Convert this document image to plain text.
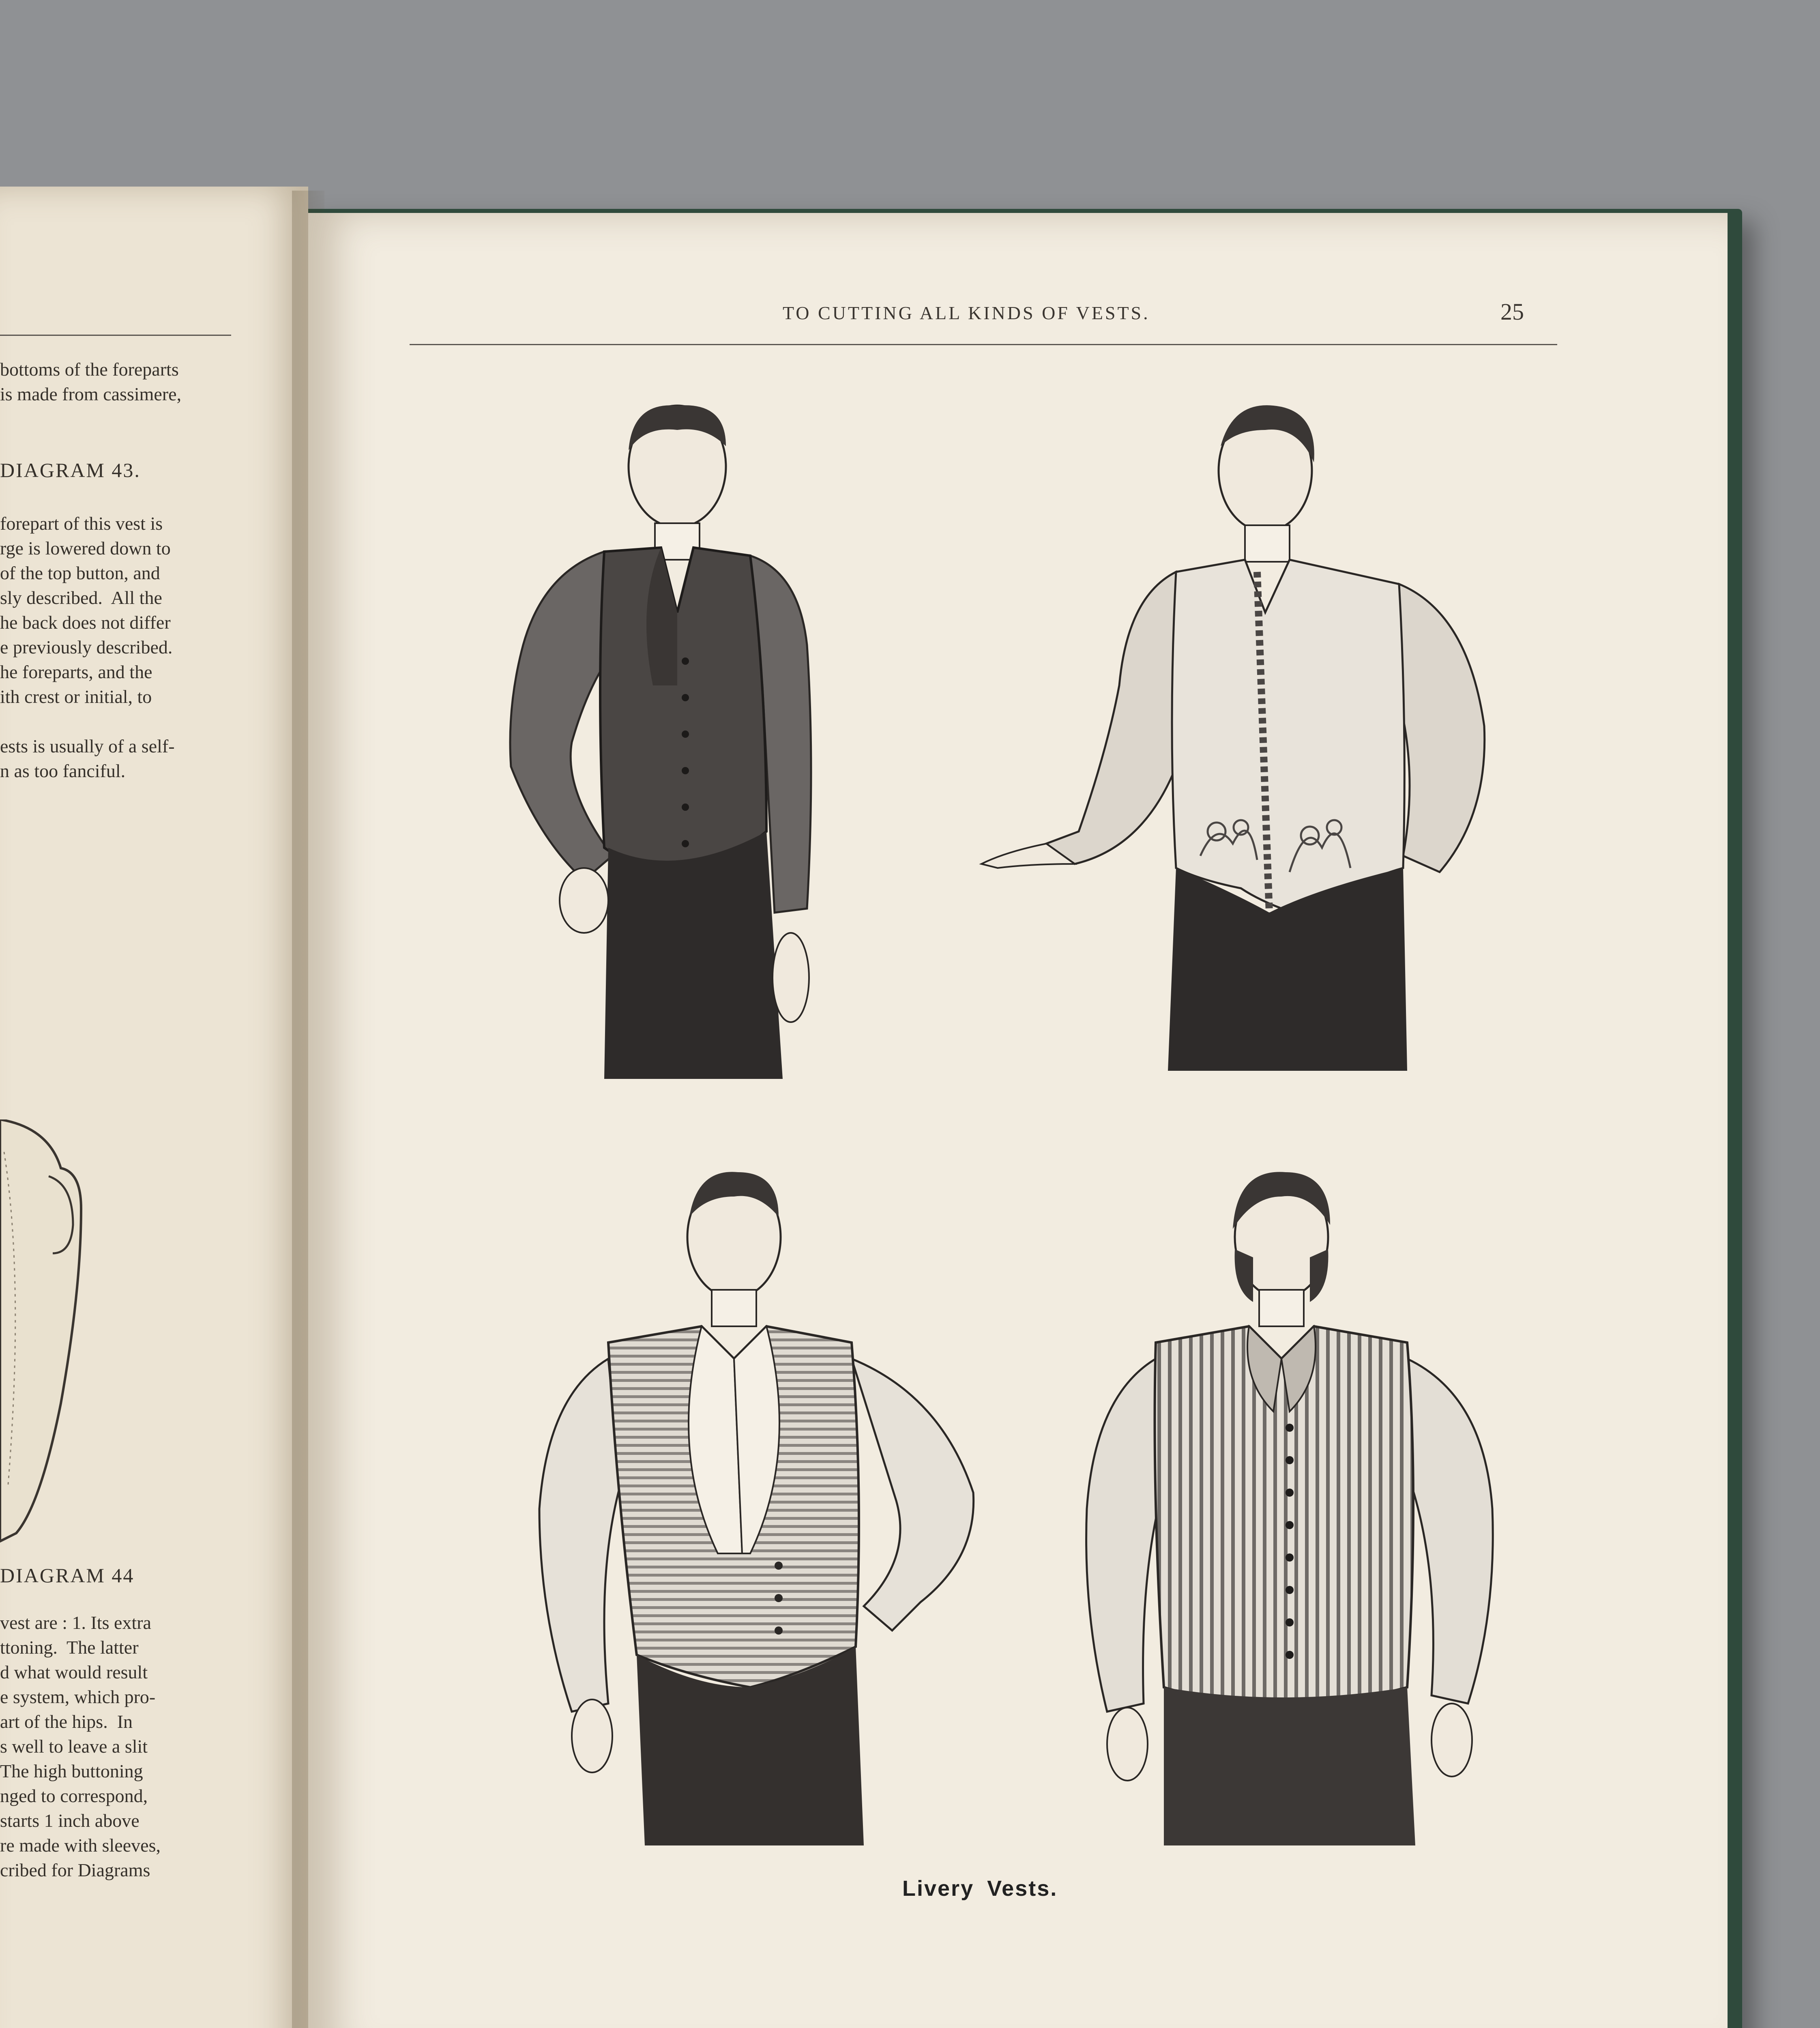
bottoms of the foreparts
is made from cassimere,
DIAGRAM 43.
forepart of this vest is
rge is lowered down to
of the top button, and
sly described.  All the
he back does not differ
e previously described.
he foreparts, and the
ith crest or initial, to

ests is usually of a self-
n as too fanciful.
DIAGRAM 44
vest are : 1. Its extra
ttoning.  The latter
d what would result
e system, which pro-
art of the hips.  In
s well to leave a slit
The high buttoning
nged to correspond,
starts 1 inch above
re made with sleeves,
cribed for Diagrams
TO CUTTING ALL KINDS OF VESTS.	25
Livery Vests.
